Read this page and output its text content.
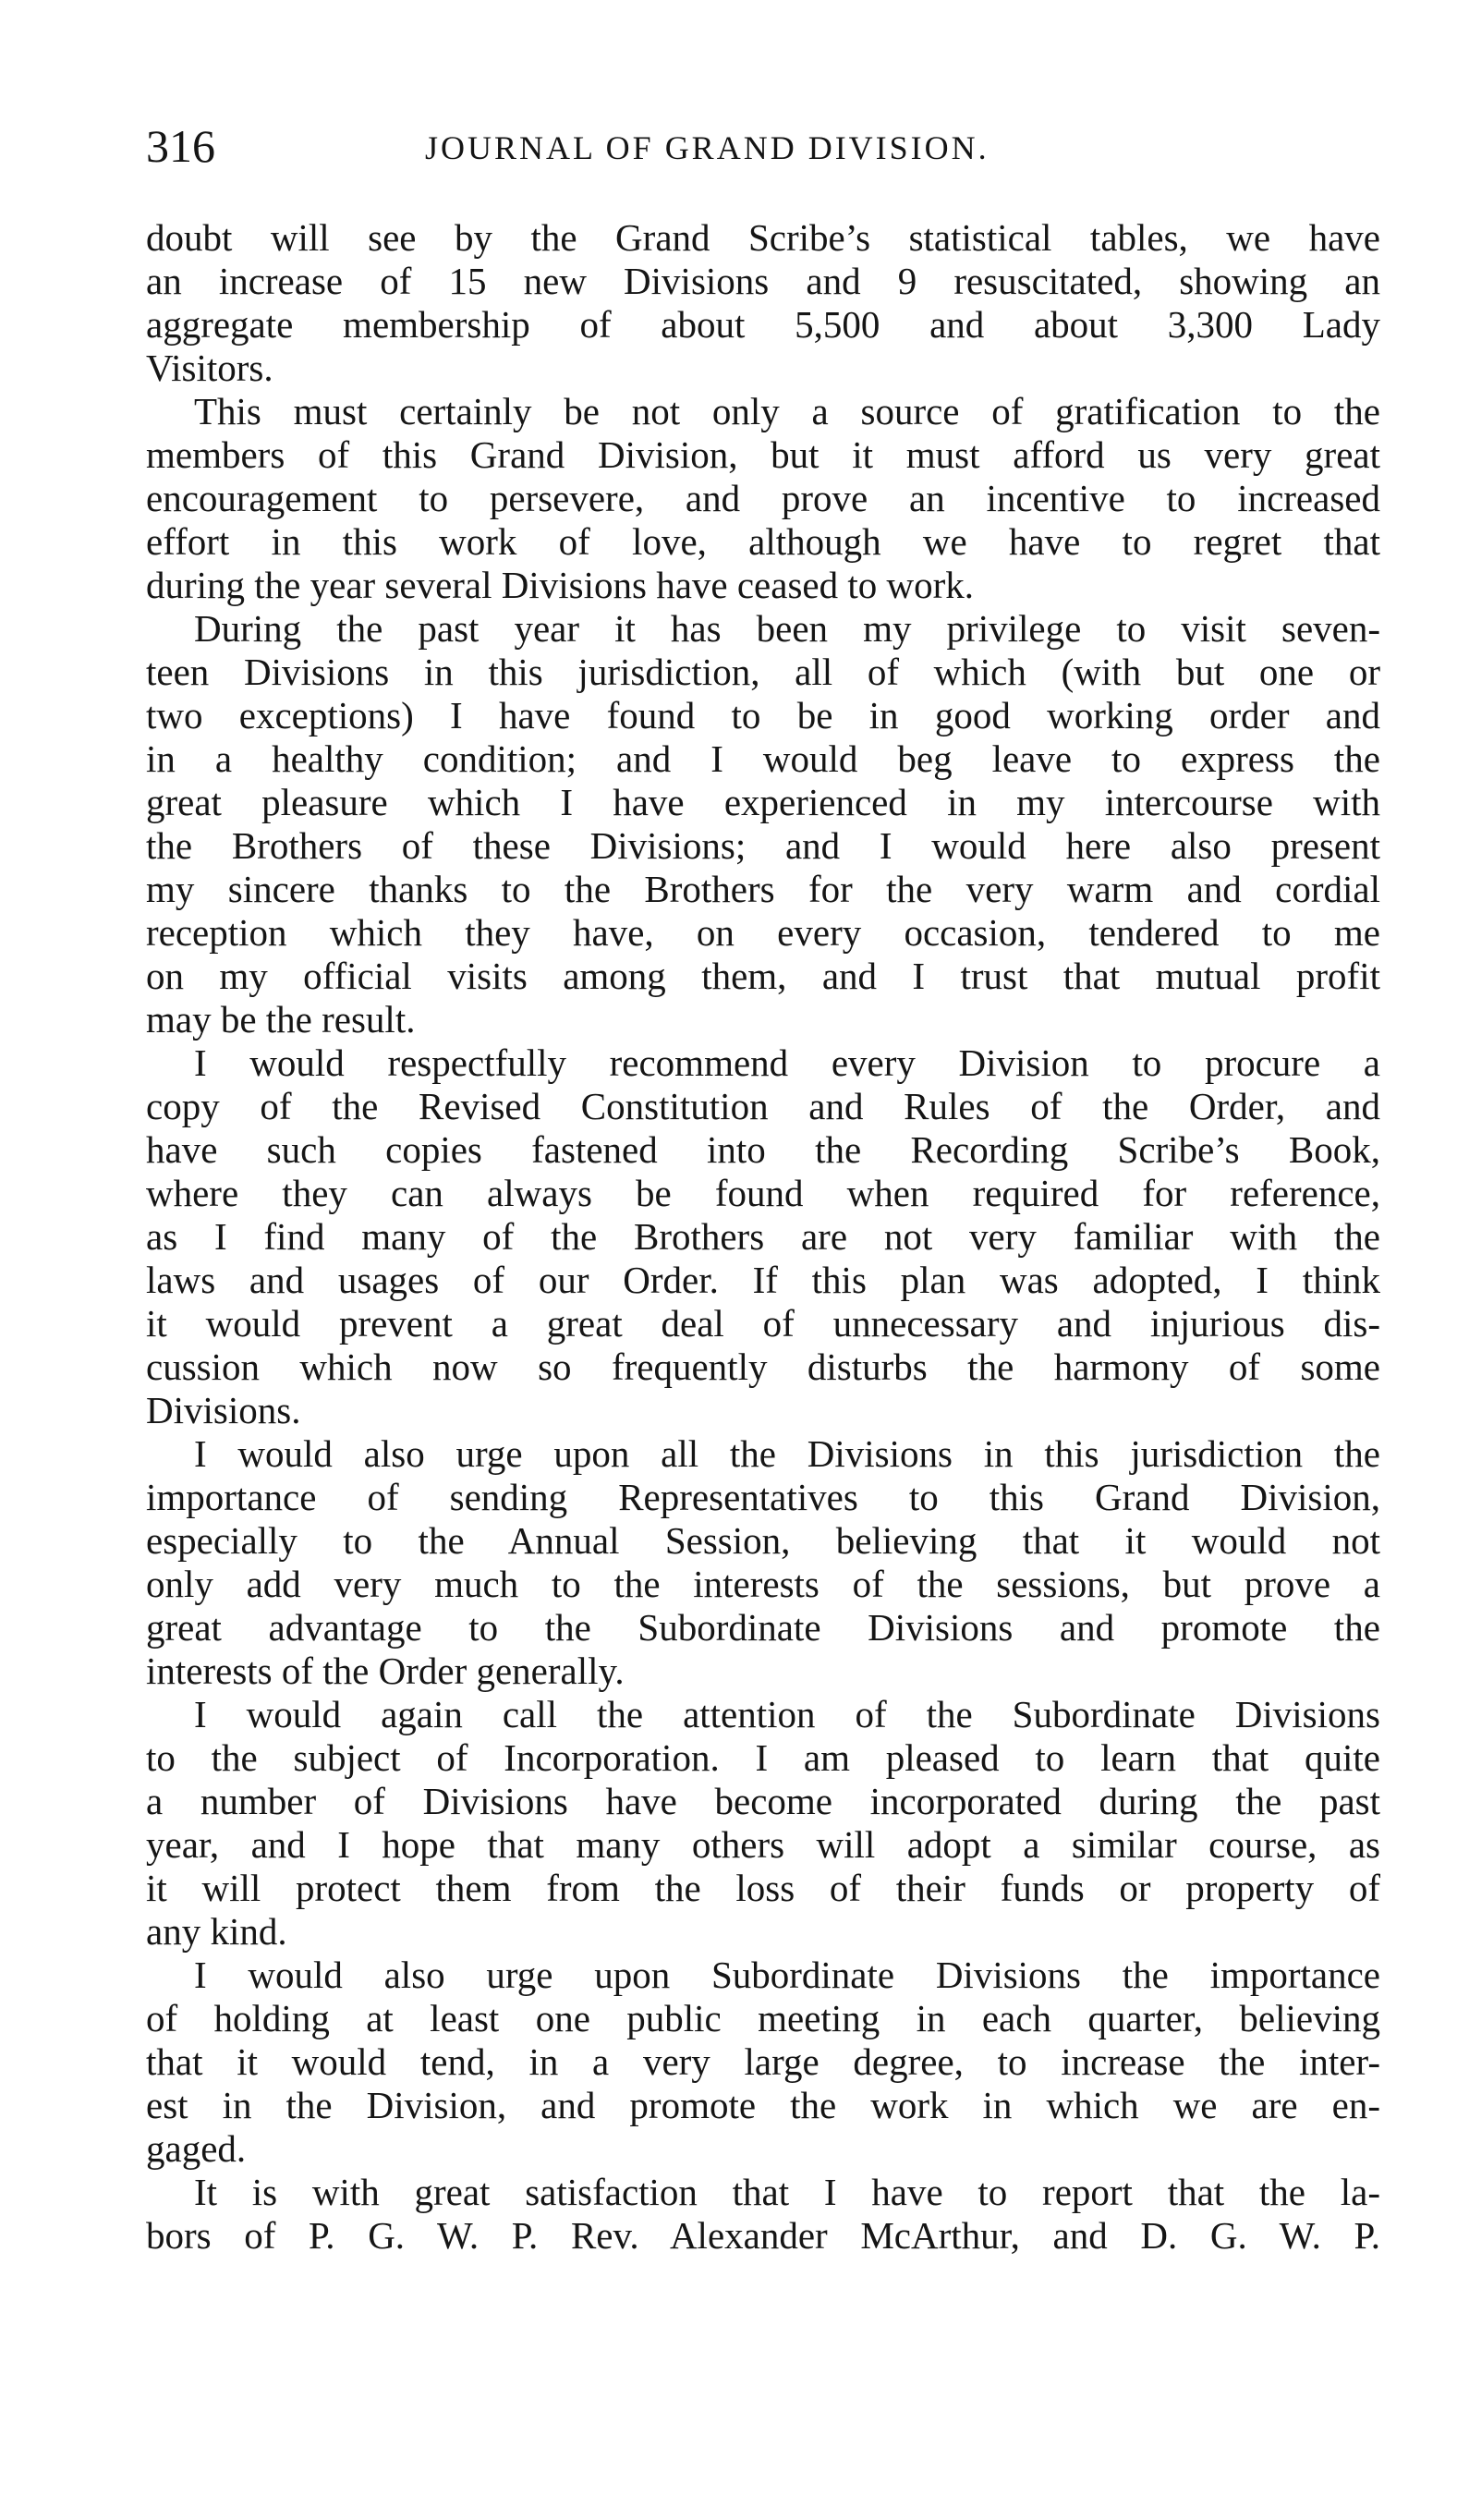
316	JOURNAL OF GRAND DIVISION.
doubt will see by the Grand Scribe’s statistical tables, we have
an increase of 15 new Divisions and 9 resuscitated, showing an
aggregate membership of about 5,500 and about 3,300 Lady
Visitors.
This must certainly be not only a source of gratification to the
members of this Grand Division, but it must afford us very great
encouragement to persevere, and prove an incentive to increased
effort in this work of love, although we have to regret that
during the year several Divisions have ceased to work.
During the past year it has been my privilege to visit seven-
teen Divisions in this jurisdiction, all of which (with but one or
two exceptions) I have found to be in good working order and
in a healthy condition; and I would beg leave to express the
great pleasure which I have experienced in my intercourse with
the Brothers of these Divisions; and I would here also present
my sincere thanks to the Brothers for the very warm and cordial
reception which they have, on every occasion, tendered to me
on my official visits among them, and I trust that mutual profit
may be the result.
I would respectfully recommend every Division to procure a
copy of the Revised Constitution and Rules of the Order, and
have such copies fastened into the Recording Scribe’s Book,
where they can always be found when required for reference,
as I find many of the Brothers are not very familiar with the
laws and usages of our Order. If this plan was adopted, I think
it would prevent a great deal of unnecessary and injurious dis-
cussion which now so frequently disturbs the harmony of some
Divisions.
I would also urge upon all the Divisions in this jurisdiction the
importance of sending Representatives to this Grand Division,
especially to the Annual Session, believing that it would not
only add very much to the interests of the sessions, but prove a
great advantage to the Subordinate Divisions and promote the
interests of the Order generally.
I would again call the attention of the Subordinate Divisions
to the subject of Incorporation. I am pleased to learn that quite
a number of Divisions have become incorporated during the past
year, and I hope that many others will adopt a similar course, as
it will protect them from the loss of their funds or property of
any kind.
I would also urge upon Subordinate Divisions the importance
of holding at least one public meeting in each quarter, believing
that it would tend, in a very large degree, to increase the inter-
est in the Division, and promote the work in which we are en-
gaged.
It is with great satisfaction that I have to report that the la-
bors of P. G. W. P. Rev. Alexander McArthur, and D. G. W. P.
